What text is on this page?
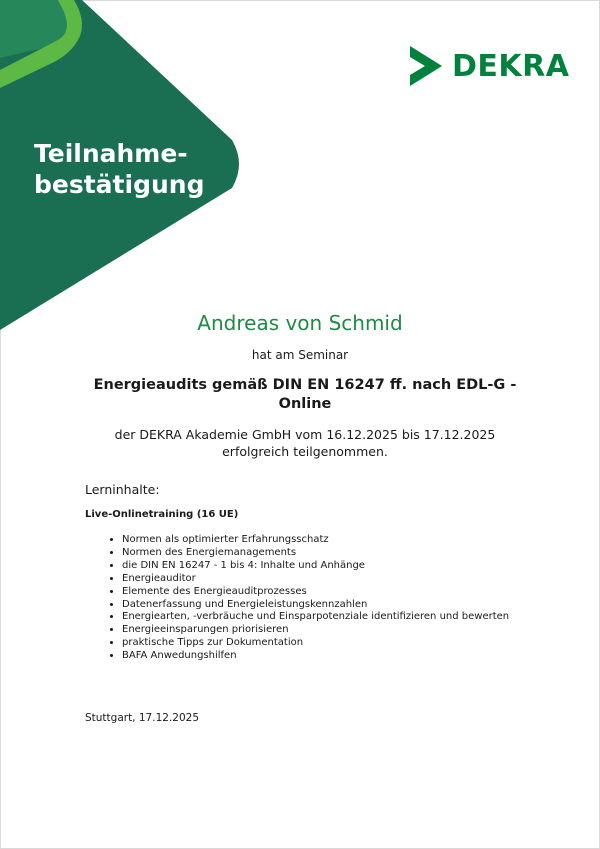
Teilnahme-
bestätigung
DEKRA
Andreas von Schmid
hat am Seminar
Energieaudits gemäß DIN EN 16247 ff. nach EDL-G -
Online
der DEKRA Akademie GmbH vom 16.12.2025 bis 17.12.2025
erfolgreich teilgenommen.
Lerninhalte:
Live-Onlinetraining (16 UE)
• Normen als optimierter Erfahrungsschatz
• Normen des Energiemanagements
• die DIN EN 16247 - 1 bis 4: Inhalte und Anhänge
• Energieauditor
• Elemente des Energieauditprozesses
• Datenerfassung und Energieleistungskennzahlen
• Energiearten, -verbräuche und Einsparpotenziale identifizieren und bewerten
• Energieeinsparungen priorisieren
• praktische Tipps zur Dokumentation
• BAFA Anwedungshilfen
Stuttgart, 17.12.2025
